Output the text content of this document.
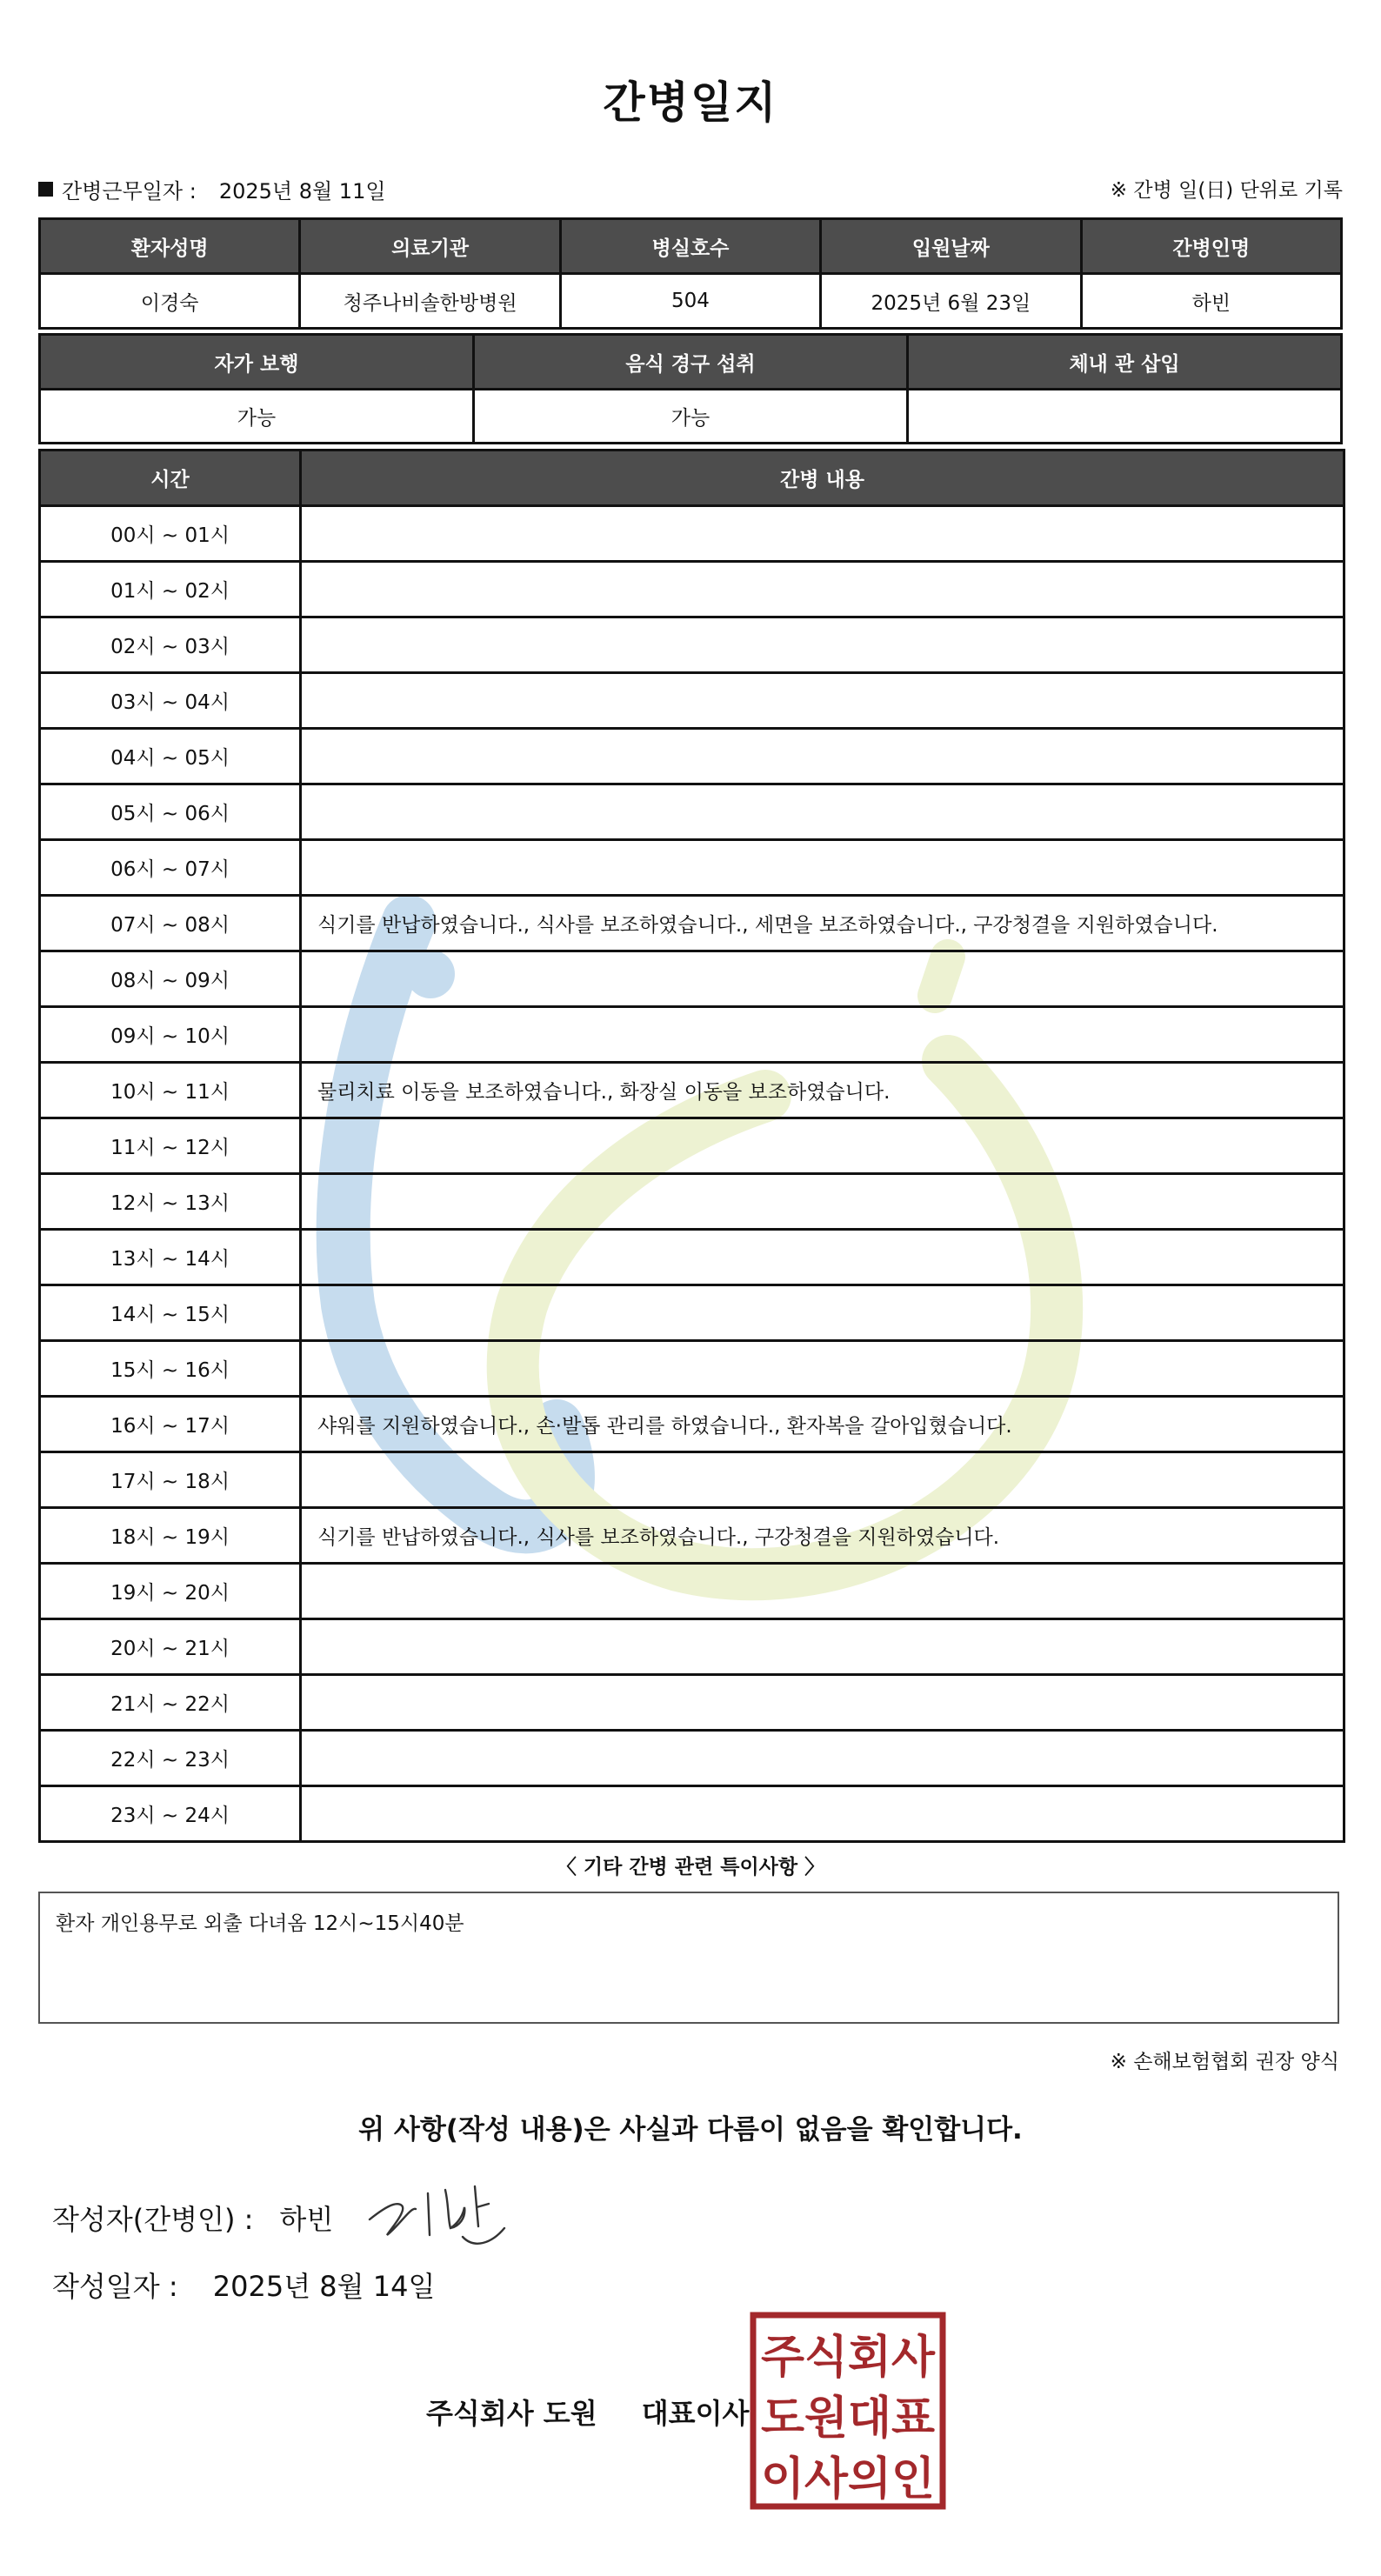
간병일지
간병근무일자 : 2025년 8월 11일	※ 간병 일(日) 단위로 기록
환자성명	의료기관	병실호수	입원날짜	간병인명
이경숙	청주나비솔한방병원	504	2025년 6월 23일	하빈
자가 보행	음식 경구 섭취	체내 관 삽입
가능	가능	
시간	간병 내용
00시 ~ 01시	
01시 ~ 02시	
02시 ~ 03시	
03시 ~ 04시	
04시 ~ 05시	
05시 ~ 06시	
06시 ~ 07시	
07시 ~ 08시	식기를 반납하였습니다., 식사를 보조하였습니다., 세면을 보조하였습니다., 구강청결을 지원하였습니다.
08시 ~ 09시	
09시 ~ 10시	
10시 ~ 11시	물리치료 이동을 보조하였습니다., 화장실 이동을 보조하였습니다.
11시 ~ 12시	
12시 ~ 13시	
13시 ~ 14시	
14시 ~ 15시	
15시 ~ 16시	
16시 ~ 17시	샤워를 지원하였습니다., 손·발톱 관리를 하였습니다., 환자복을 갈아입혔습니다.
17시 ~ 18시	
18시 ~ 19시	식기를 반납하였습니다., 식사를 보조하였습니다., 구강청결을 지원하였습니다.
19시 ~ 20시	
20시 ~ 21시	
21시 ~ 22시	
22시 ~ 23시	
23시 ~ 24시	
〈 기타 간병 관련 특이사항 〉
환자 개인용무로 외출 다녀옴 12시~15시40분
※ 손해보험협회 권장 양식
위 사항(작성 내용)은 사실과 다름이 없음을 확인합니다.
작성자(간병인) : 하빈
작성일자 : 2025년 8월 14일
주식회사 도원 대표이사
주식회사
도원대표
이사의인
